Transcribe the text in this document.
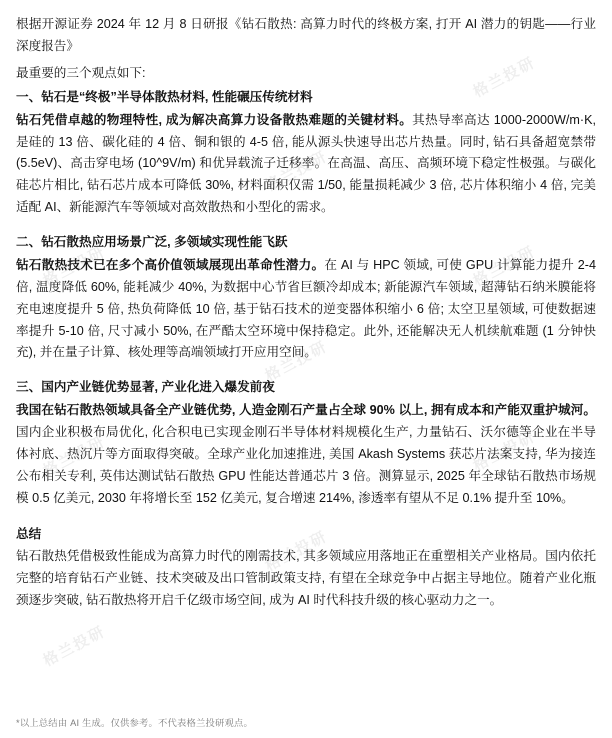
根据开源证券 2024 年 12 月 8 日研报《钻石散热: 高算力时代的终极方案, 打开 AI 潜力的钥匙——行业深度报告》

最重要的三个观点如下:

一、钻石是“终极”半导体散热材料, 性能碾压传统材料

钻石凭借卓越的物理特性, 成为解决高算力设备散热难题的关键材料。其热导率高达 1000-2000W/m·K, 是硅的 13 倍、碳化硅的 4 倍、铜和银的 4-5 倍, 能从源头快速导出芯片热量。同时, 钻石具备超宽禁带 (5.5eV)、高击穿电场 (10^9V/m) 和优异载流子迁移率。在高温、高压、高频环境下稳定性极强。与碳化硅芯片相比, 钻石芯片成本可降低 30%, 材料面积仅需 1/50, 能量损耗减少 3 倍, 芯片体积缩小 4 倍, 完美适配 AI、新能源汽车等领域对高效散热和小型化的需求。

二、钻石散热应用场景广泛, 多领域实现性能飞跃

钻石散热技术已在多个高价值领域展现出革命性潜力。在 AI 与 HPC 领域, 可使 GPU 计算能力提升 2-4 倍, 温度降低 60%, 能耗减少 40%, 为数据中心节省巨额冷却成本; 新能源汽车领域, 超薄钻石纳米膜能将充电速度提升 5 倍, 热负荷降低 10 倍, 基于钻石技术的逆变器体积缩小 6 倍; 太空卫星领域, 可使数据速率提升 5-10 倍, 尺寸减小 50%, 在严酷太空环境中保持稳定。此外, 还能解决无人机续航难题 (1 分钟快充), 并在量子计算、核处理等高端领域打开应用空间。

三、国内产业链优势显著, 产业化进入爆发前夜

我国在钻石散热领域具备全产业链优势, 人造金刚石产量占全球 90% 以上, 拥有成本和产能双重护城河。国内企业积极布局优化, 化合积电已实现金刚石半导体材料规模化生产, 力量钻石、沃尔德等企业在半导体衬底、热沉片等方面取得突破。全球产业化加速推进, 美国 Akash Systems 获芯片法案支持, 华为接连公布相关专利, 英伟达测试钻石散热 GPU 性能达普通芯片 3 倍。测算显示, 2025 年全球钻石散热市场规模 0.5 亿美元, 2030 年将增长至 152 亿美元, 复合增速 214%, 渗透率有望从不足 0.1% 提升至 10%。

总结

钻石散热凭借极致性能成为高算力时代的刚需技术, 其多领域应用落地正在重塑相关产业格局。国内依托完整的培育钻石产业链、技术突破及出口管制政策支持, 有望在全球竞争中占据主导地位。随着产业化瓶颈逐步突破, 钻石散热将开启千亿级市场空间, 成为 AI 时代科技升级的核心驱动力之一。

*以上总结由 AI 生成。仅供参考。不代表格兰投研观点。
格兰投研
格兰投研
格兰投研
格兰投研
格兰投研
格兰投研
格兰投研
格兰投研
格兰投研
